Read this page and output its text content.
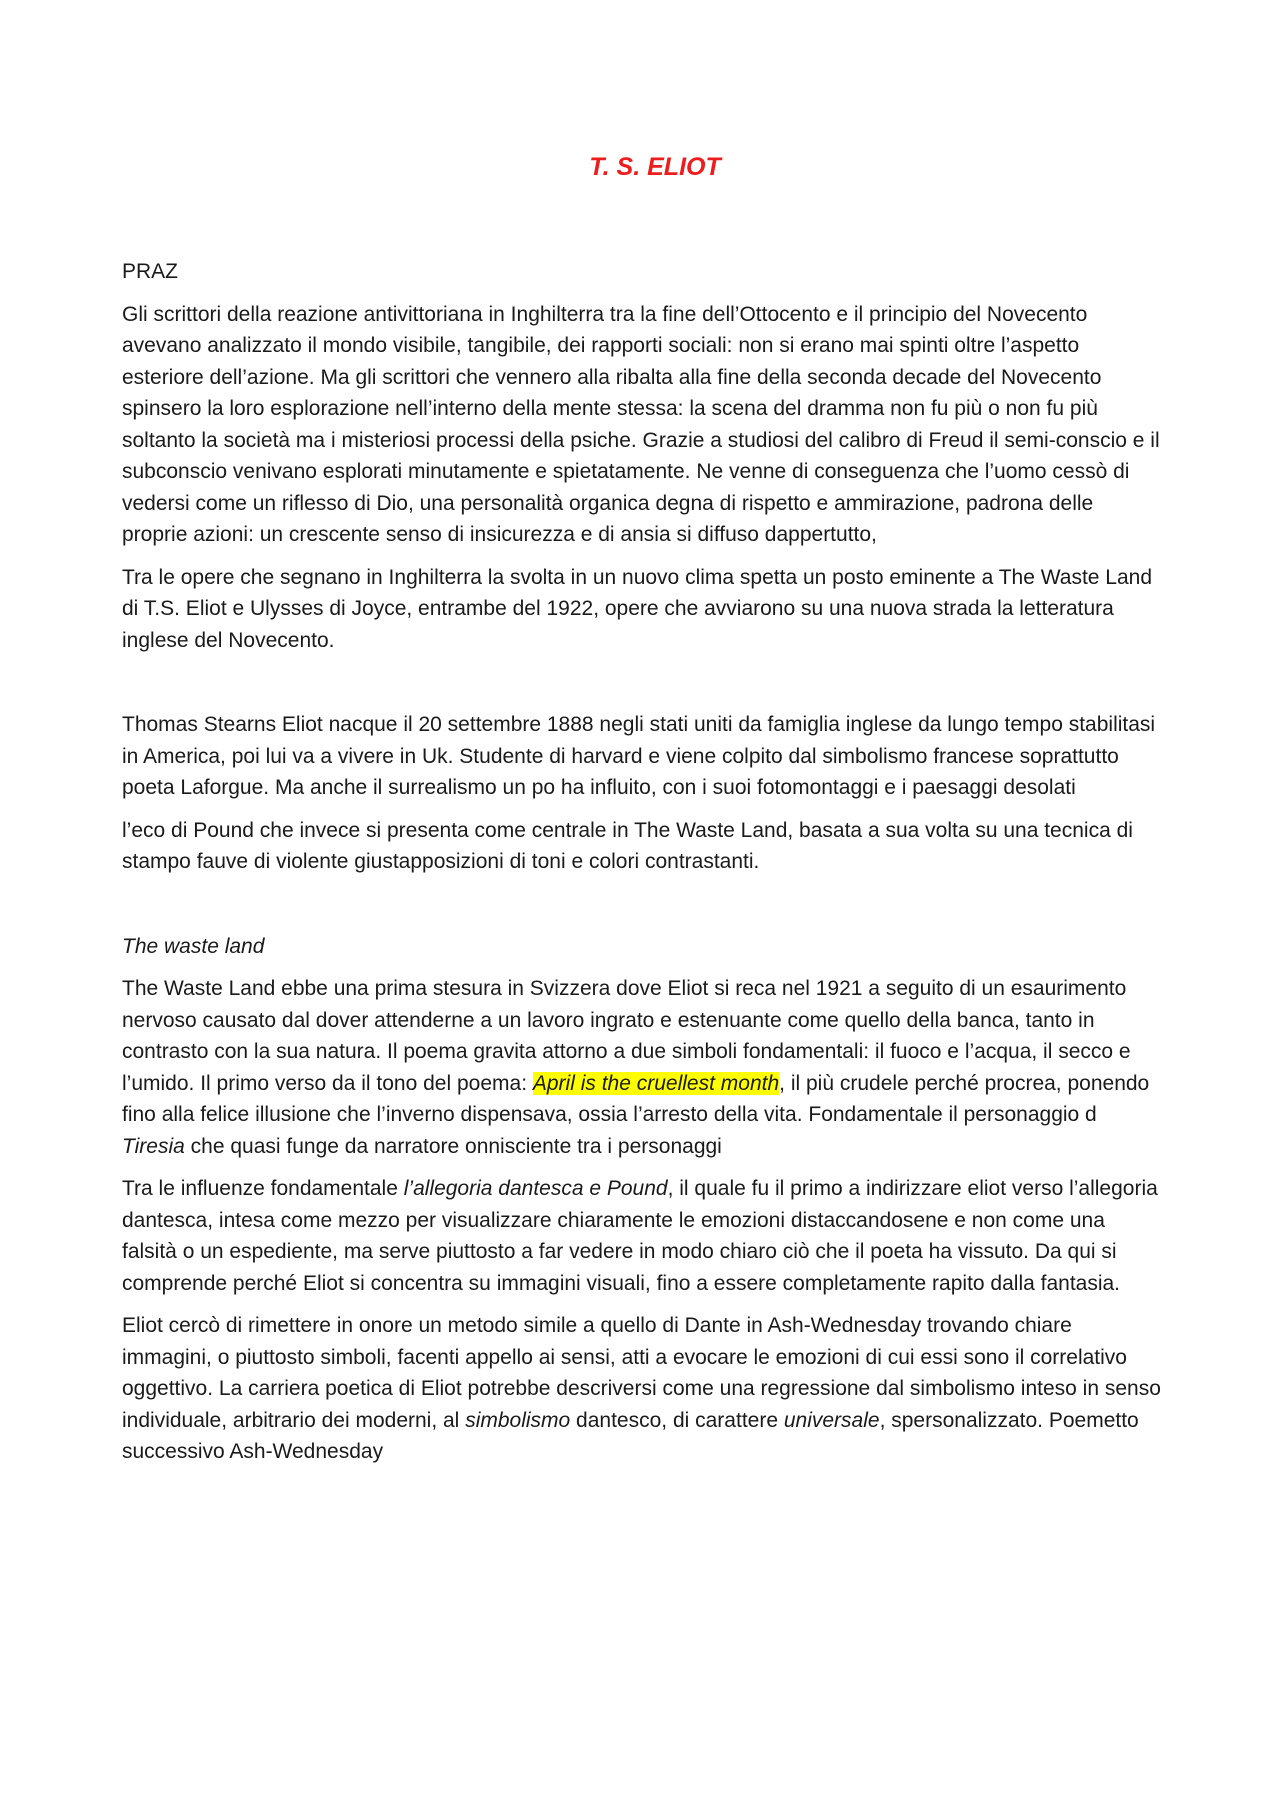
T. S. ELIOT

PRAZ

Gli scrittori della reazione antivittoriana in Inghilterra tra la fine dell’Ottocento e il principio del Novecento avevano analizzato il mondo visibile, tangibile, dei rapporti sociali: non si erano mai spinti oltre l’aspetto esteriore dell’azione. Ma gli scrittori che vennero alla ribalta alla fine della seconda decade del Novecento spinsero la loro esplorazione nell’interno della mente stessa: la scena del dramma non fu più o non fu più soltanto la società ma i misteriosi processi della psiche. Grazie a studiosi del calibro di Freud il semi-conscio e il subconscio venivano esplorati minutamente e spietatamente. Ne venne di conseguenza che l’uomo cessò di vedersi come un riflesso di Dio, una personalità organica degna di rispetto e ammirazione, padrona delle proprie azioni: un crescente senso di insicurezza e di ansia si diffuso dappertutto,

Tra le opere che segnano in Inghilterra la svolta in un nuovo clima spetta un posto eminente a The Waste Land di T.S. Eliot e Ulysses di Joyce, entrambe del 1922, opere che avviarono su una nuova strada la letteratura inglese del Novecento.

Thomas Stearns Eliot nacque il 20 settembre 1888 negli stati uniti da famiglia inglese da lungo tempo stabilitasi in America, poi lui va a vivere in Uk. Studente di harvard e viene colpito dal simbolismo francese soprattutto poeta Laforgue. Ma anche il surrealismo un po ha influito, con i suoi fotomontaggi e i paesaggi desolati

l’eco di Pound che invece si presenta come centrale in The Waste Land, basata a sua volta su una tecnica di stampo fauve di violente giustapposizioni di toni e colori contrastanti.

The waste land

The Waste Land ebbe una prima stesura in Svizzera dove Eliot si reca nel 1921 a seguito di un esaurimento nervoso causato dal dover attenderne a un lavoro ingrato e estenuante come quello della banca, tanto in contrasto con la sua natura. Il poema gravita attorno a due simboli fondamentali: il fuoco e l’acqua, il secco e l’umido. Il primo verso da il tono del poema: April is the cruellest month, il più crudele perché procrea, ponendo fino alla felice illusione che l’inverno dispensava, ossia l’arresto della vita. Fondamentale il personaggio d Tiresia che quasi funge da narratore onnisciente tra i personaggi

Tra le influenze fondamentale l’allegoria dantesca e Pound, il quale fu il primo a indirizzare eliot verso l’allegoria dantesca, intesa come mezzo per visualizzare chiaramente le emozioni distaccandosene e non come una falsità o un espediente, ma serve piuttosto a far vedere in modo chiaro ciò che il poeta ha vissuto. Da qui si comprende perché Eliot si concentra su immagini visuali, fino a essere completamente rapito dalla fantasia.

Eliot cercò di rimettere in onore un metodo simile a quello di Dante in Ash-Wednesday trovando chiare immagini, o piuttosto simboli, facenti appello ai sensi, atti a evocare le emozioni di cui essi sono il correlativo oggettivo. La carriera poetica di Eliot potrebbe descriversi come una regressione dal simbolismo inteso in senso individuale, arbitrario dei moderni, al simbolismo dantesco, di carattere universale, spersonalizzato. Poemetto successivo Ash-Wednesday
